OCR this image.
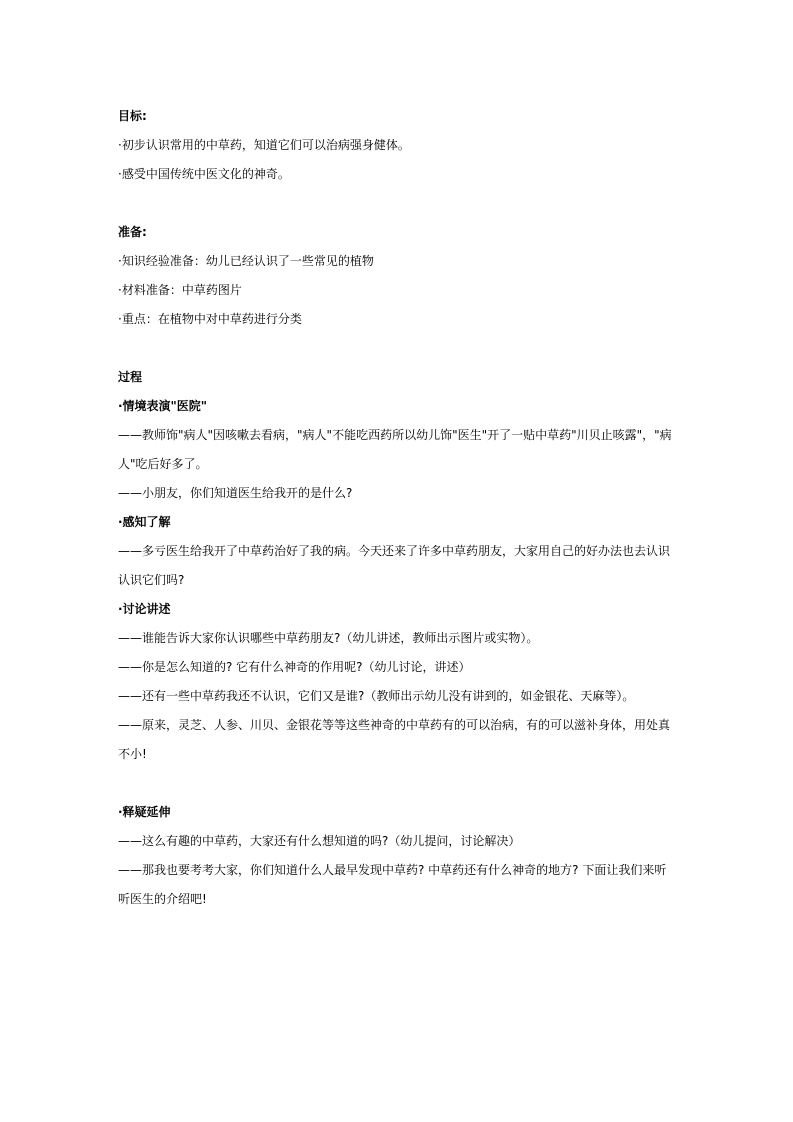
目标:
·初步认识常用的中草药，知道它们可以治病强身健体。
·感受中国传统中医文化的神奇。
准备:
·知识经验准备：幼儿已经认识了一些常见的植物
·材料准备：中草药图片
·重点：在植物中对中草药进行分类
过程
·情境表演"医院"
——教师饰"病人"因咳嗽去看病，"病人"不能吃西药所以幼儿饰"医生"开了一贴中草药"川贝止咳露"，"病
人"吃后好多了。
——小朋友，你们知道医生给我开的是什么?
·感知了解
——多亏医生给我开了中草药治好了我的病。今天还来了许多中草药朋友，大家用自己的好办法也去认识
认识它们吗?
·讨论讲述
——谁能告诉大家你认识哪些中草药朋友?（幼儿讲述，教师出示图片或实物）。
——你是怎么知道的? 它有什么神奇的作用呢?（幼儿讨论，讲述）
——还有一些中草药我还不认识，它们又是谁?（教师出示幼儿没有讲到的，如金银花、天麻等）。
——原来，灵芝、人参、川贝、金银花等等这些神奇的中草药有的可以治病，有的可以滋补身体，用处真
不小!
·释疑延伸
——这么有趣的中草药，大家还有什么想知道的吗?（幼儿提问，讨论解决）
——那我也要考考大家，你们知道什么人最早发现中草药? 中草药还有什么神奇的地方? 下面让我们来听
听医生的介绍吧!
